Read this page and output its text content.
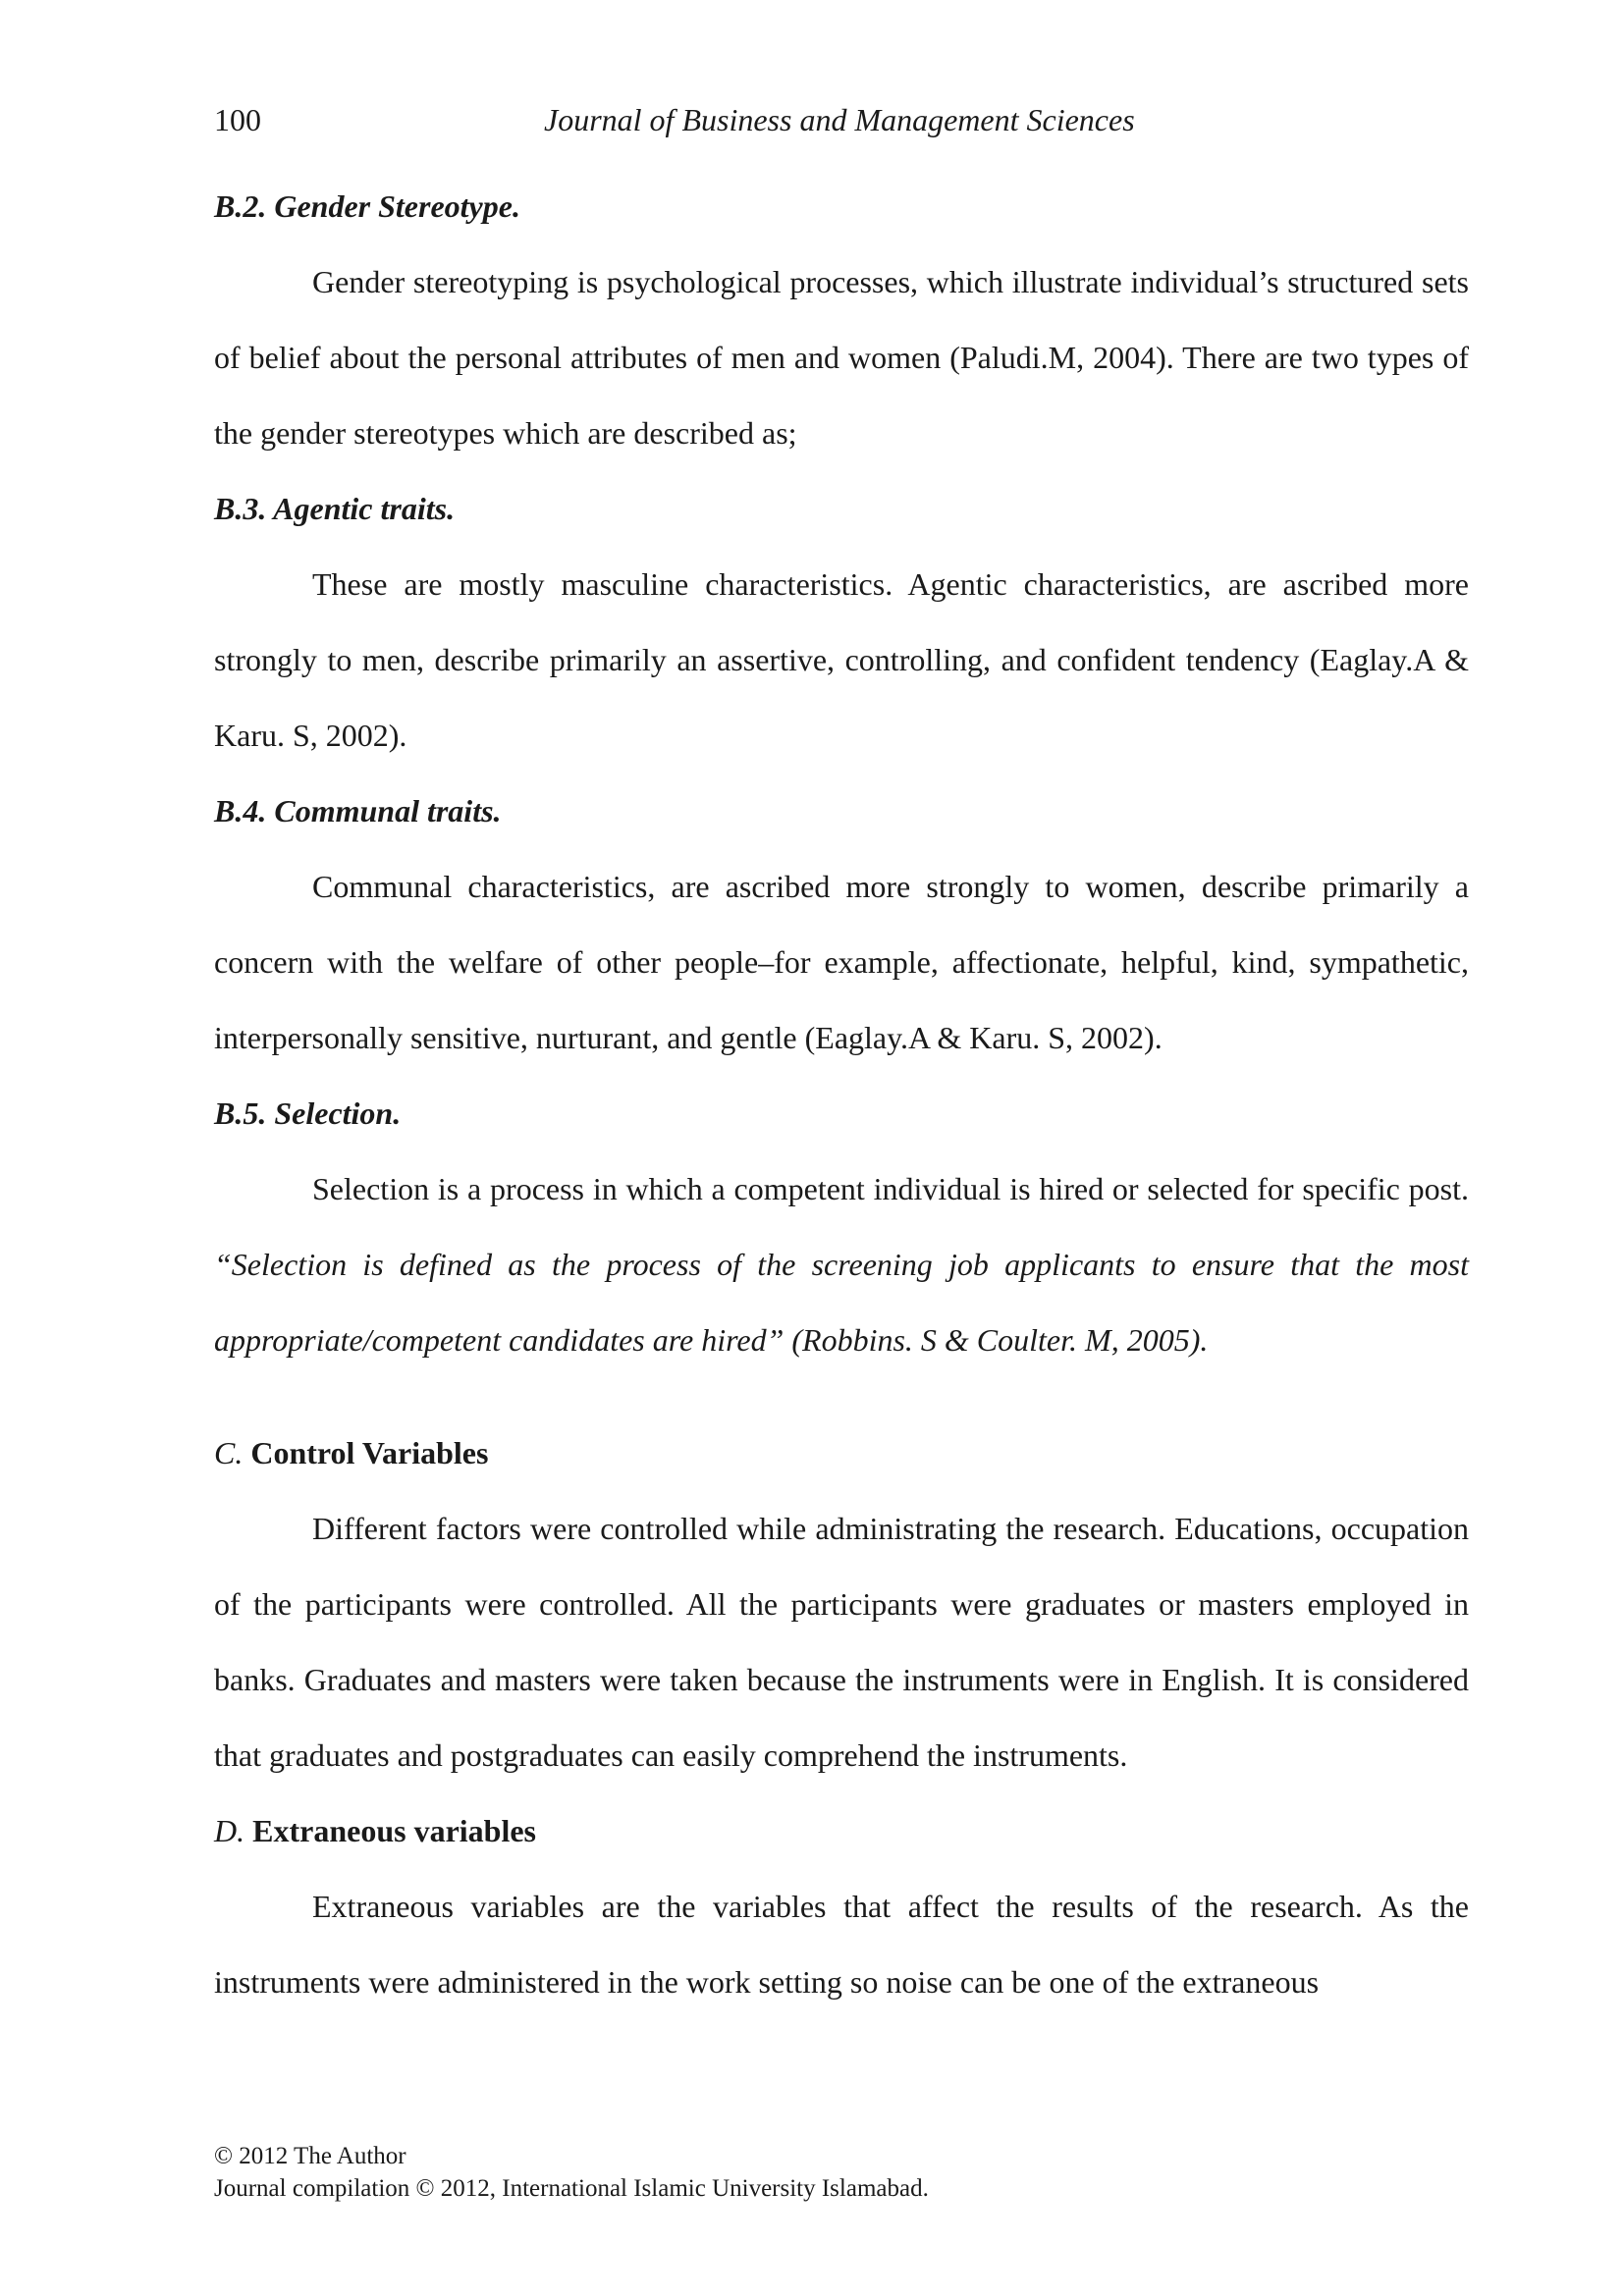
100	Journal of Business and Management Sciences
B.2. Gender Stereotype.

Gender stereotyping is psychological processes, which illustrate individual’s structured sets of belief about the personal attributes of men and women (Paludi.M, 2004). There are two types of the gender stereotypes which are described as;

B.3. Agentic traits.

These are mostly masculine characteristics. Agentic characteristics, are ascribed more strongly to men, describe primarily an assertive, controlling, and confident tendency (Eaglay.A & Karu. S, 2002).

B.4. Communal traits.

Communal characteristics, are ascribed more strongly to women, describe primarily a concern with the welfare of other people–for example, affectionate, helpful, kind, sympathetic, interpersonally sensitive, nurturant, and gentle (Eaglay.A & Karu. S, 2002).

B.5. Selection.

Selection is a process in which a competent individual is hired or selected for specific post. “Selection is defined as the process of the screening job applicants to ensure that the most appropriate/competent candidates are hired” (Robbins. S & Coulter. M, 2005).

C. Control Variables

Different factors were controlled while administrating the research. Educations, occupation of the participants were controlled. All the participants were graduates or masters employed in banks. Graduates and masters were taken because the instruments were in English. It is considered that graduates and postgraduates can easily comprehend the instruments.

D. Extraneous variables

Extraneous variables are the variables that affect the results of the research. As the instruments were administered in the work setting so noise can be one of the extraneous

© 2012 The Author
Journal compilation © 2012, International Islamic University Islamabad.
